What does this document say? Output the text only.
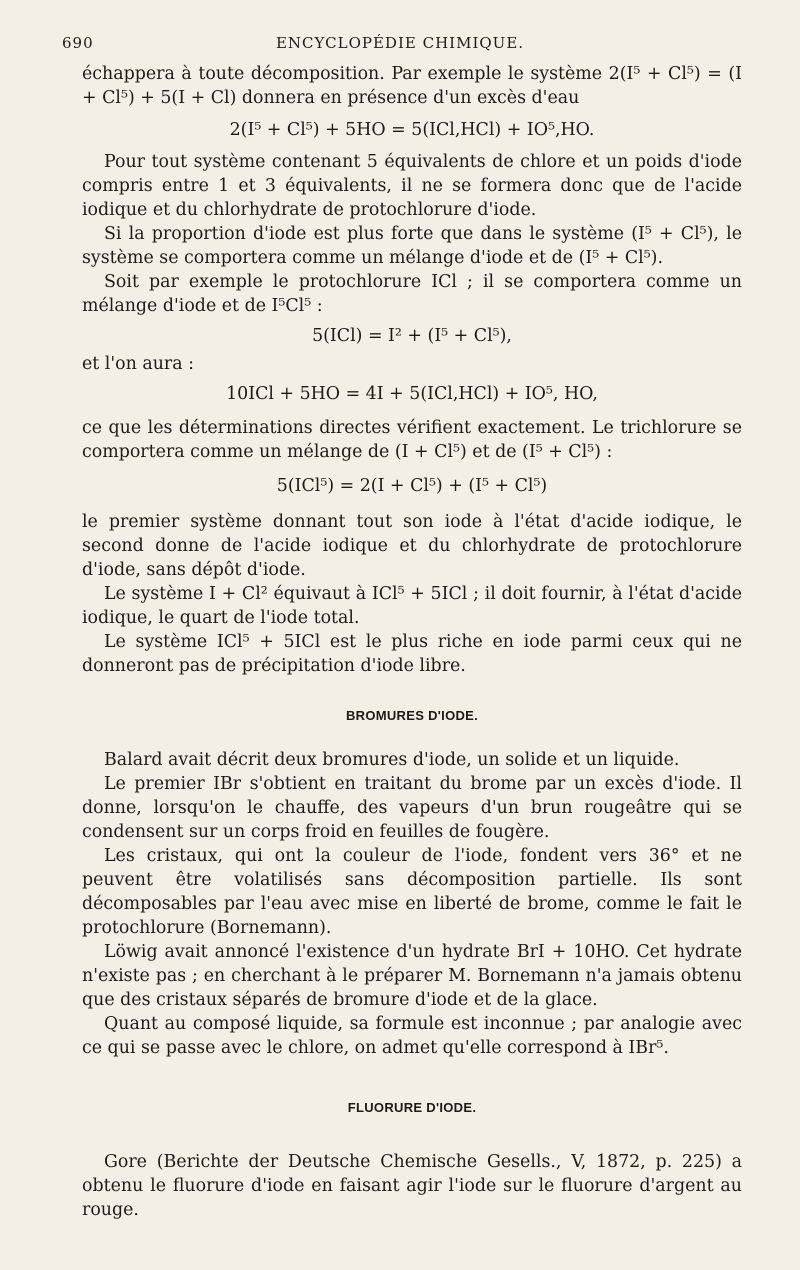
690	ENCYCLOPÉDIE CHIMIQUE.

échappera à toute décomposition. Par exemple le système 2(I⁵ + Cl⁵) = (I + Cl⁵) + 5(I + Cl) donnera en présence d'un excès d'eau

2(I⁵ + Cl⁵) + 5HO = 5(ICl,HCl) + IO⁵,HO.

Pour tout système contenant 5 équivalents de chlore et un poids d'iode compris entre 1 et 3 équivalents, il ne se formera donc que de l'acide iodique et du chlorhydrate de protochlorure d'iode.

Si la proportion d'iode est plus forte que dans le système (I⁵ + Cl⁵), le système se comportera comme un mélange d'iode et de (I⁵ + Cl⁵).

Soit par exemple le protochlorure ICl ; il se comportera comme un mélange d'iode et de I⁵Cl⁵ :

5(ICl) = I² + (I⁵ + Cl⁵),

et l'on aura :

10ICl + 5HO = 4I + 5(ICl,HCl) + IO⁵, HO,

ce que les déterminations directes vérifient exactement. Le trichlorure se comportera comme un mélange de (I + Cl⁵) et de (I⁵ + Cl⁵) :

5(ICl⁵) = 2(I + Cl⁵) + (I⁵ + Cl⁵)

le premier système donnant tout son iode à l'état d'acide iodique, le second donne de l'acide iodique et du chlorhydrate de protochlorure d'iode, sans dépôt d'iode.

Le système I + Cl² équivaut à ICl⁵ + 5ICl ; il doit fournir, à l'état d'acide iodique, le quart de l'iode total.

Le système ICl⁵ + 5ICl est le plus riche en iode parmi ceux qui ne donneront pas de précipitation d'iode libre.

BROMURES D'IODE.

Balard avait décrit deux bromures d'iode, un solide et un liquide.

Le premier IBr s'obtient en traitant du brome par un excès d'iode. Il donne, lorsqu'on le chauffe, des vapeurs d'un brun rougeâtre qui se condensent sur un corps froid en feuilles de fougère.

Les cristaux, qui ont la couleur de l'iode, fondent vers 36° et ne peuvent être volatilisés sans décomposition partielle. Ils sont décomposables par l'eau avec mise en liberté de brome, comme le fait le protochlorure (Bornemann).

Löwig avait annoncé l'existence d'un hydrate BrI + 10HO. Cet hydrate n'existe pas ; en cherchant à le préparer M. Bornemann n'a jamais obtenu que des cristaux séparés de bromure d'iode et de la glace.

Quant au composé liquide, sa formule est inconnue ; par analogie avec ce qui se passe avec le chlore, on admet qu'elle correspond à IBr⁵.

FLUORURE D'IODE.

Gore (Berichte der Deutsche Chemische Gesells., V, 1872, p. 225) a obtenu le fluorure d'iode en faisant agir l'iode sur le fluorure d'argent au rouge.
